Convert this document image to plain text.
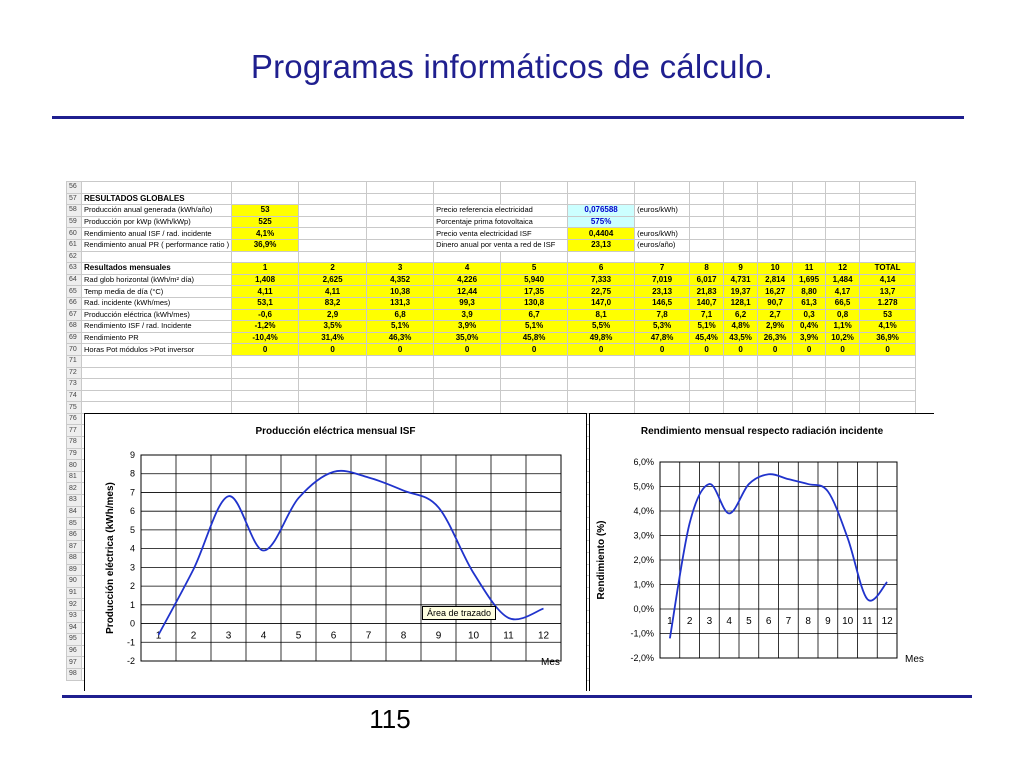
Programas informáticos de cálculo.
56														
57	RESULTADOS GLOBALES													
58	Producción anual generada (kWh/año)	53			Precio referencia electricidad		0,076588	(euros/kWh)						
59	Producción por kWp (kWh/kWp)	525			Porcentaje prima fotovoltaica		575%							
60	Rendimiento anual ISF / rad. incidente	4,1%			Precio venta electricidad ISF		0,4404	(euros/kWh)						
61	Rendimiento anual PR ( performance ratio )	36,9%			Dinero anual por venta a red de ISF		23,13	(euros/año)						
62														
63	Resultados mensuales	1	2	3	4	5	6	7	8	9	10	11	12	TOTAL
64	Rad glob horizontal (kWh/m² día)	1,408	2,625	4,352	4,226	5,940	7,333	7,019	6,017	4,731	2,814	1,695	1,484	4,14
65	Temp media de día (°C)	4,11	4,11	10,38	12,44	17,35	22,75	23,13	21,83	19,37	16,27	8,80	4,17	13,7
66	Rad. incidente (kWh/mes)	53,1	83,2	131,3	99,3	130,8	147,0	146,5	140,7	128,1	90,7	61,3	66,5	1.278
67	Producción eléctrica (kWh/mes)	-0,6	2,9	6,8	3,9	6,7	8,1	7,8	7,1	6,2	2,7	0,3	0,8	53
68	Rendimiento ISF / rad. Incidente	-1,2%	3,5%	5,1%	3,9%	5,1%	5,5%	5,3%	5,1%	4,8%	2,9%	0,4%	1,1%	4,1%
69	Rendimiento PR	-10,4%	31,4%	46,3%	35,0%	45,8%	49,8%	47,8%	45,4%	43,5%	26,3%	3,9%	10,2%	36,9%
70	Horas Pot módulos >Pot inversor	0	0	0	0	0	0	0	0	0	0	0	0	0
71														
72														
73														
74														
75														
76														
77														
78														
79														
80														
81														
82														
83														
84														
85														
86														
87														
88														
89														
90														
91														
92														
93														
94														
95														
96														
97														
98														
Producción eléctrica mensual ISF
-2
-1
0
1
2
3
4
5
6
7
8
9
1	2	3	4	5	6	7	8	9	10 11 12
Mes
Producción eléctrica (kWh/mes)	Área de trazado
Rendimiento mensual respecto radiación incidente
-2,0%
-1,0%
0,0%
1,0%
2,0%
3,0%
4,0%
5,0%
6,0%
1 2 3 4 5 6 7 8 9 10 11 12
Mes
Rendimiento (%)
115
